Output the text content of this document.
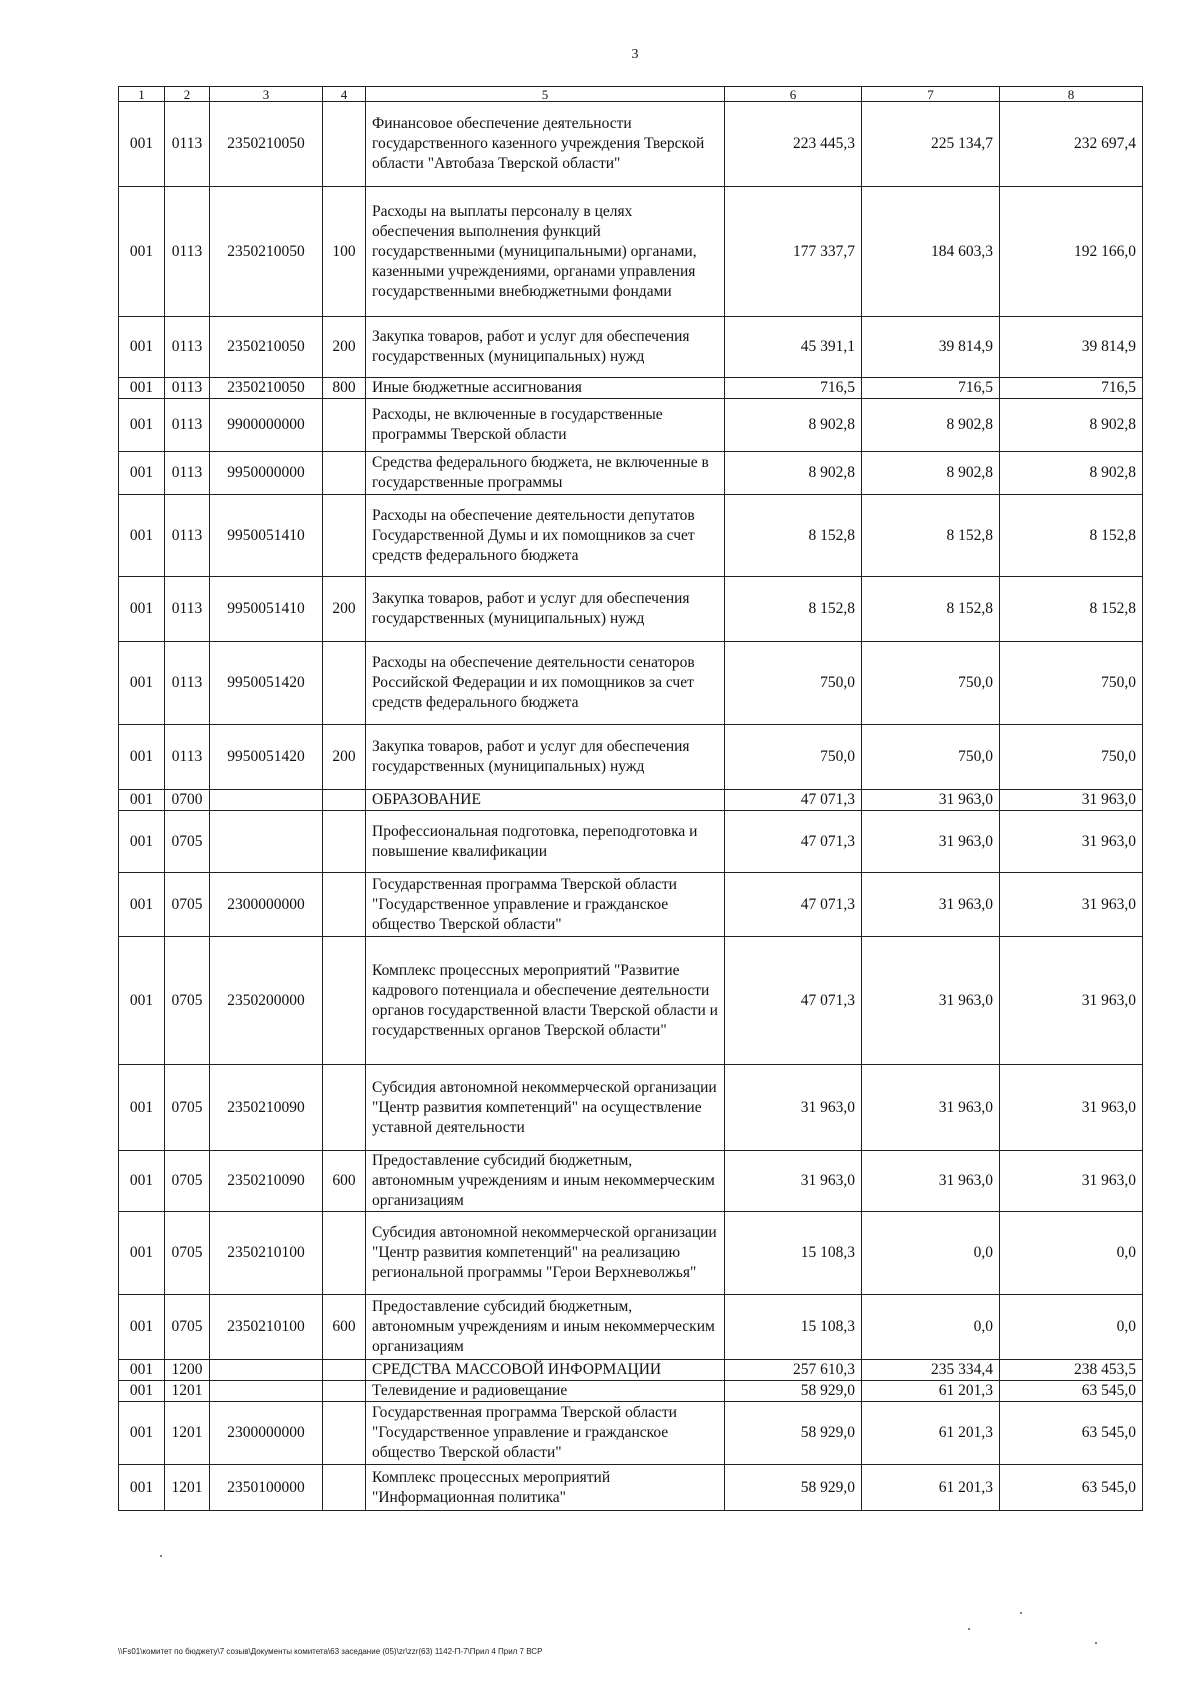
3
1	2	3	4	5	6	7	8
001	0113	2350210050		Финансовое обеспечение деятельности государственного казенного учреждения Тверской области "Автобаза Тверской области"	223 445,3	225 134,7	232 697,4
001	0113	2350210050	100	Расходы на выплаты персоналу в целях обеспечения выполнения функций государственными (муниципальными) органами, казенными учреждениями, органами управления государственными внебюджетными фондами	177 337,7	184 603,3	192 166,0
001	0113	2350210050	200	Закупка товаров, работ и услуг для обеспечения государственных (муниципальных) нужд	45 391,1	39 814,9	39 814,9
001	0113	2350210050	800	Иные бюджетные ассигнования	716,5	716,5	716,5
001	0113	9900000000		Расходы, не включенные в государственные программы Тверской области	8 902,8	8 902,8	8 902,8
001	0113	9950000000		Средства федерального бюджета, не включенные в государственные программы	8 902,8	8 902,8	8 902,8
001	0113	9950051410		Расходы на обеспечение деятельности депутатов Государственной Думы и их помощников за счет средств федерального бюджета	8 152,8	8 152,8	8 152,8
001	0113	9950051410	200	Закупка товаров, работ и услуг для обеспечения государственных (муниципальных) нужд	8 152,8	8 152,8	8 152,8
001	0113	9950051420		Расходы на обеспечение деятельности сенаторов Российской Федерации и их помощников за счет средств федерального бюджета	750,0	750,0	750,0
001	0113	9950051420	200	Закупка товаров, работ и услуг для обеспечения государственных (муниципальных) нужд	750,0	750,0	750,0
001	0700			ОБРАЗОВАНИЕ	47 071,3	31 963,0	31 963,0
001	0705			Профессиональная подготовка, переподготовка и повышение квалификации	47 071,3	31 963,0	31 963,0
001	0705	2300000000		Государственная программа Тверской области "Государственное управление и гражданское общество Тверской области"	47 071,3	31 963,0	31 963,0
001	0705	2350200000		Комплекс процессных мероприятий "Развитие кадрового потенциала и обеспечение деятельности органов государственной власти Тверской области и государственных органов Тверской области"	47 071,3	31 963,0	31 963,0
001	0705	2350210090		Субсидия автономной некоммерческой организации "Центр развития компетенций" на осуществление уставной деятельности	31 963,0	31 963,0	31 963,0
001	0705	2350210090	600	Предоставление субсидий бюджетным, автономным учреждениям и иным некоммерческим организациям	31 963,0	31 963,0	31 963,0
001	0705	2350210100		Субсидия автономной некоммерческой организации "Центр развития компетенций" на реализацию региональной программы "Герои Верхневолжья"	15 108,3	0,0	0,0
001	0705	2350210100	600	Предоставление субсидий бюджетным, автономным учреждениям и иным некоммерческим организациям	15 108,3	0,0	0,0
001	1200			СРЕДСТВА МАССОВОЙ ИНФОРМАЦИИ	257 610,3	235 334,4	238 453,5
001	1201			Телевидение и радиовещание	58 929,0	61 201,3	63 545,0
001	1201	2300000000		Государственная программа Тверской области "Государственное управление и гражданское общество Тверской области"	58 929,0	61 201,3	63 545,0
001	1201	2350100000		Комплекс процессных мероприятий "Информационная политика"	58 929,0	61 201,3	63 545,0
\\Fs01\комитет по бюджету\7 созыв\Документы комитета\63 заседание (05)\zr\zzr(63) 1142-П-7\Прил 4 Прил 7 ВСР
